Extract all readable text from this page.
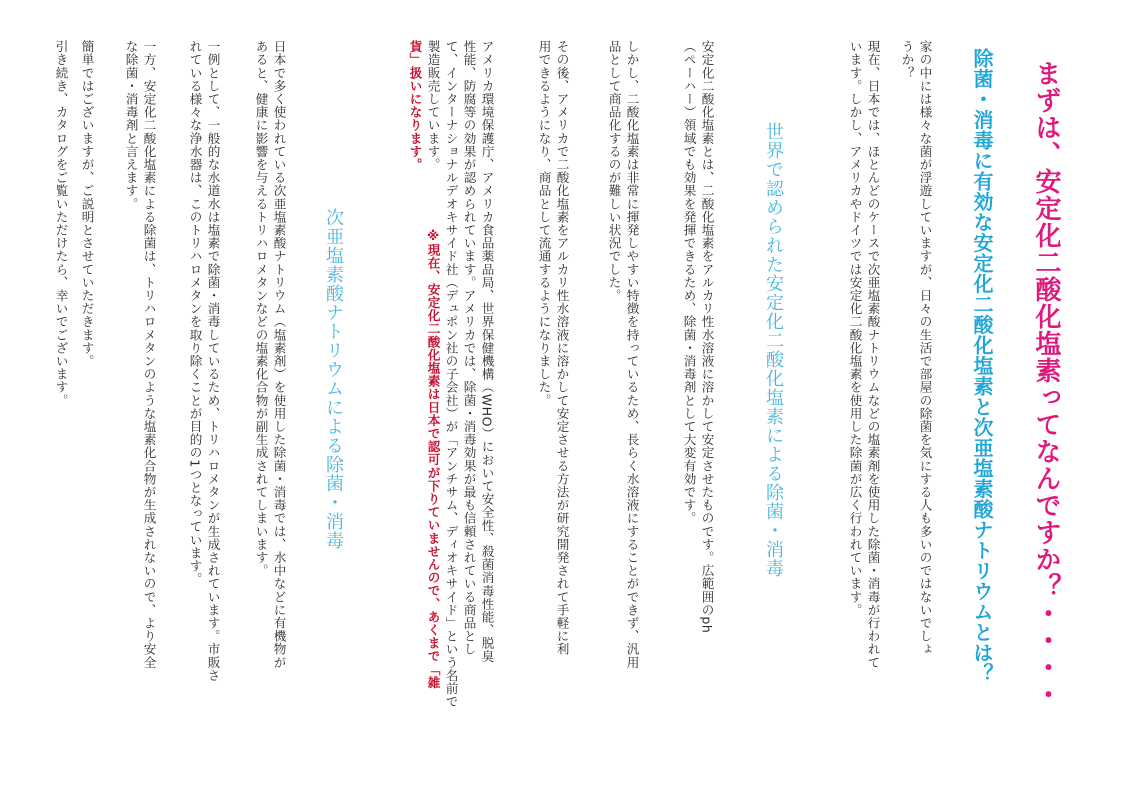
まずは、安定化二酸化塩素ってなんですか？・・・・
除菌・消毒に有効な安定化二酸化塩素と次亜塩素酸ナトリウムとは？
家の中には様々な菌が浮遊していますが、日々の生活で部屋の除菌を気にする人も多いのではないでしょ
うか？
現在、日本では、ほとんどのケースで次亜塩素酸ナトリウムなどの塩素剤を使用した除菌・消毒が行われて
います。しかし、アメリカやドイツでは安定化二酸化塩素を使用した除菌が広く行われています。
世界で認められた安定化二酸化塩素による除菌・消毒
安定化二酸化塩素とは、二酸化塩素をアルカリ性水溶液に溶かして安定させたものです。広範囲のph
（ペーハー）領域でも効果を発揮できるため、除菌・消毒剤として大変有効です。
しかし、二酸化塩素は非常に揮発しやすい特徴を持っているため、長らく水溶液にすることができず、汎用
品として商品化するのが難しい状況でした。
その後、アメリカで二酸化塩素をアルカリ性水溶液に溶かして安定させる方法が研究開発されて手軽に利
用できるようになり、商品として流通するようになりました。
アメリカ環境保護庁、アメリカ食品薬品局、世界保健機構（WHO）において安全性、殺菌消毒性能、脱臭
性能、防腐等の効果が認められています。アメリカでは、除菌・消毒効果が最も信頼されている商品とし
て、インターナショナルデオキサイド社（デュポン社の子会社）が「アンチサム、ディオキサイド」という名前で
製造販売しています。
※現在、安定化二酸化塩素は日本で認可が下りていませんので、あくまで「雑
貨」扱いになります。
次亜塩素酸ナトリウムによる除菌・消毒
日本で多く使われている次亜塩素酸ナトリウム（塩素剤）を使用した除菌・消毒では、水中などに有機物が
あると、健康に影響を与えるトリハロメタンなどの塩素化合物が副生成されてしまいます。
一例として、一般的な水道水は塩素で除菌・消毒しているため、トリハロメタンが生成されています。市販さ
れている様々な浄水器は、このトリハロメタンを取り除くことが目的の1つとなっています。
一方、安定化二酸化塩素による除菌は、トリハロメタンのような塩素化合物が生成されないので、より安全
な除菌・消毒剤と言えます。
簡単ではございますが、ご説明とさせていただきます。
引き続き、カタログをご覧いただけたら、幸いでございます。
